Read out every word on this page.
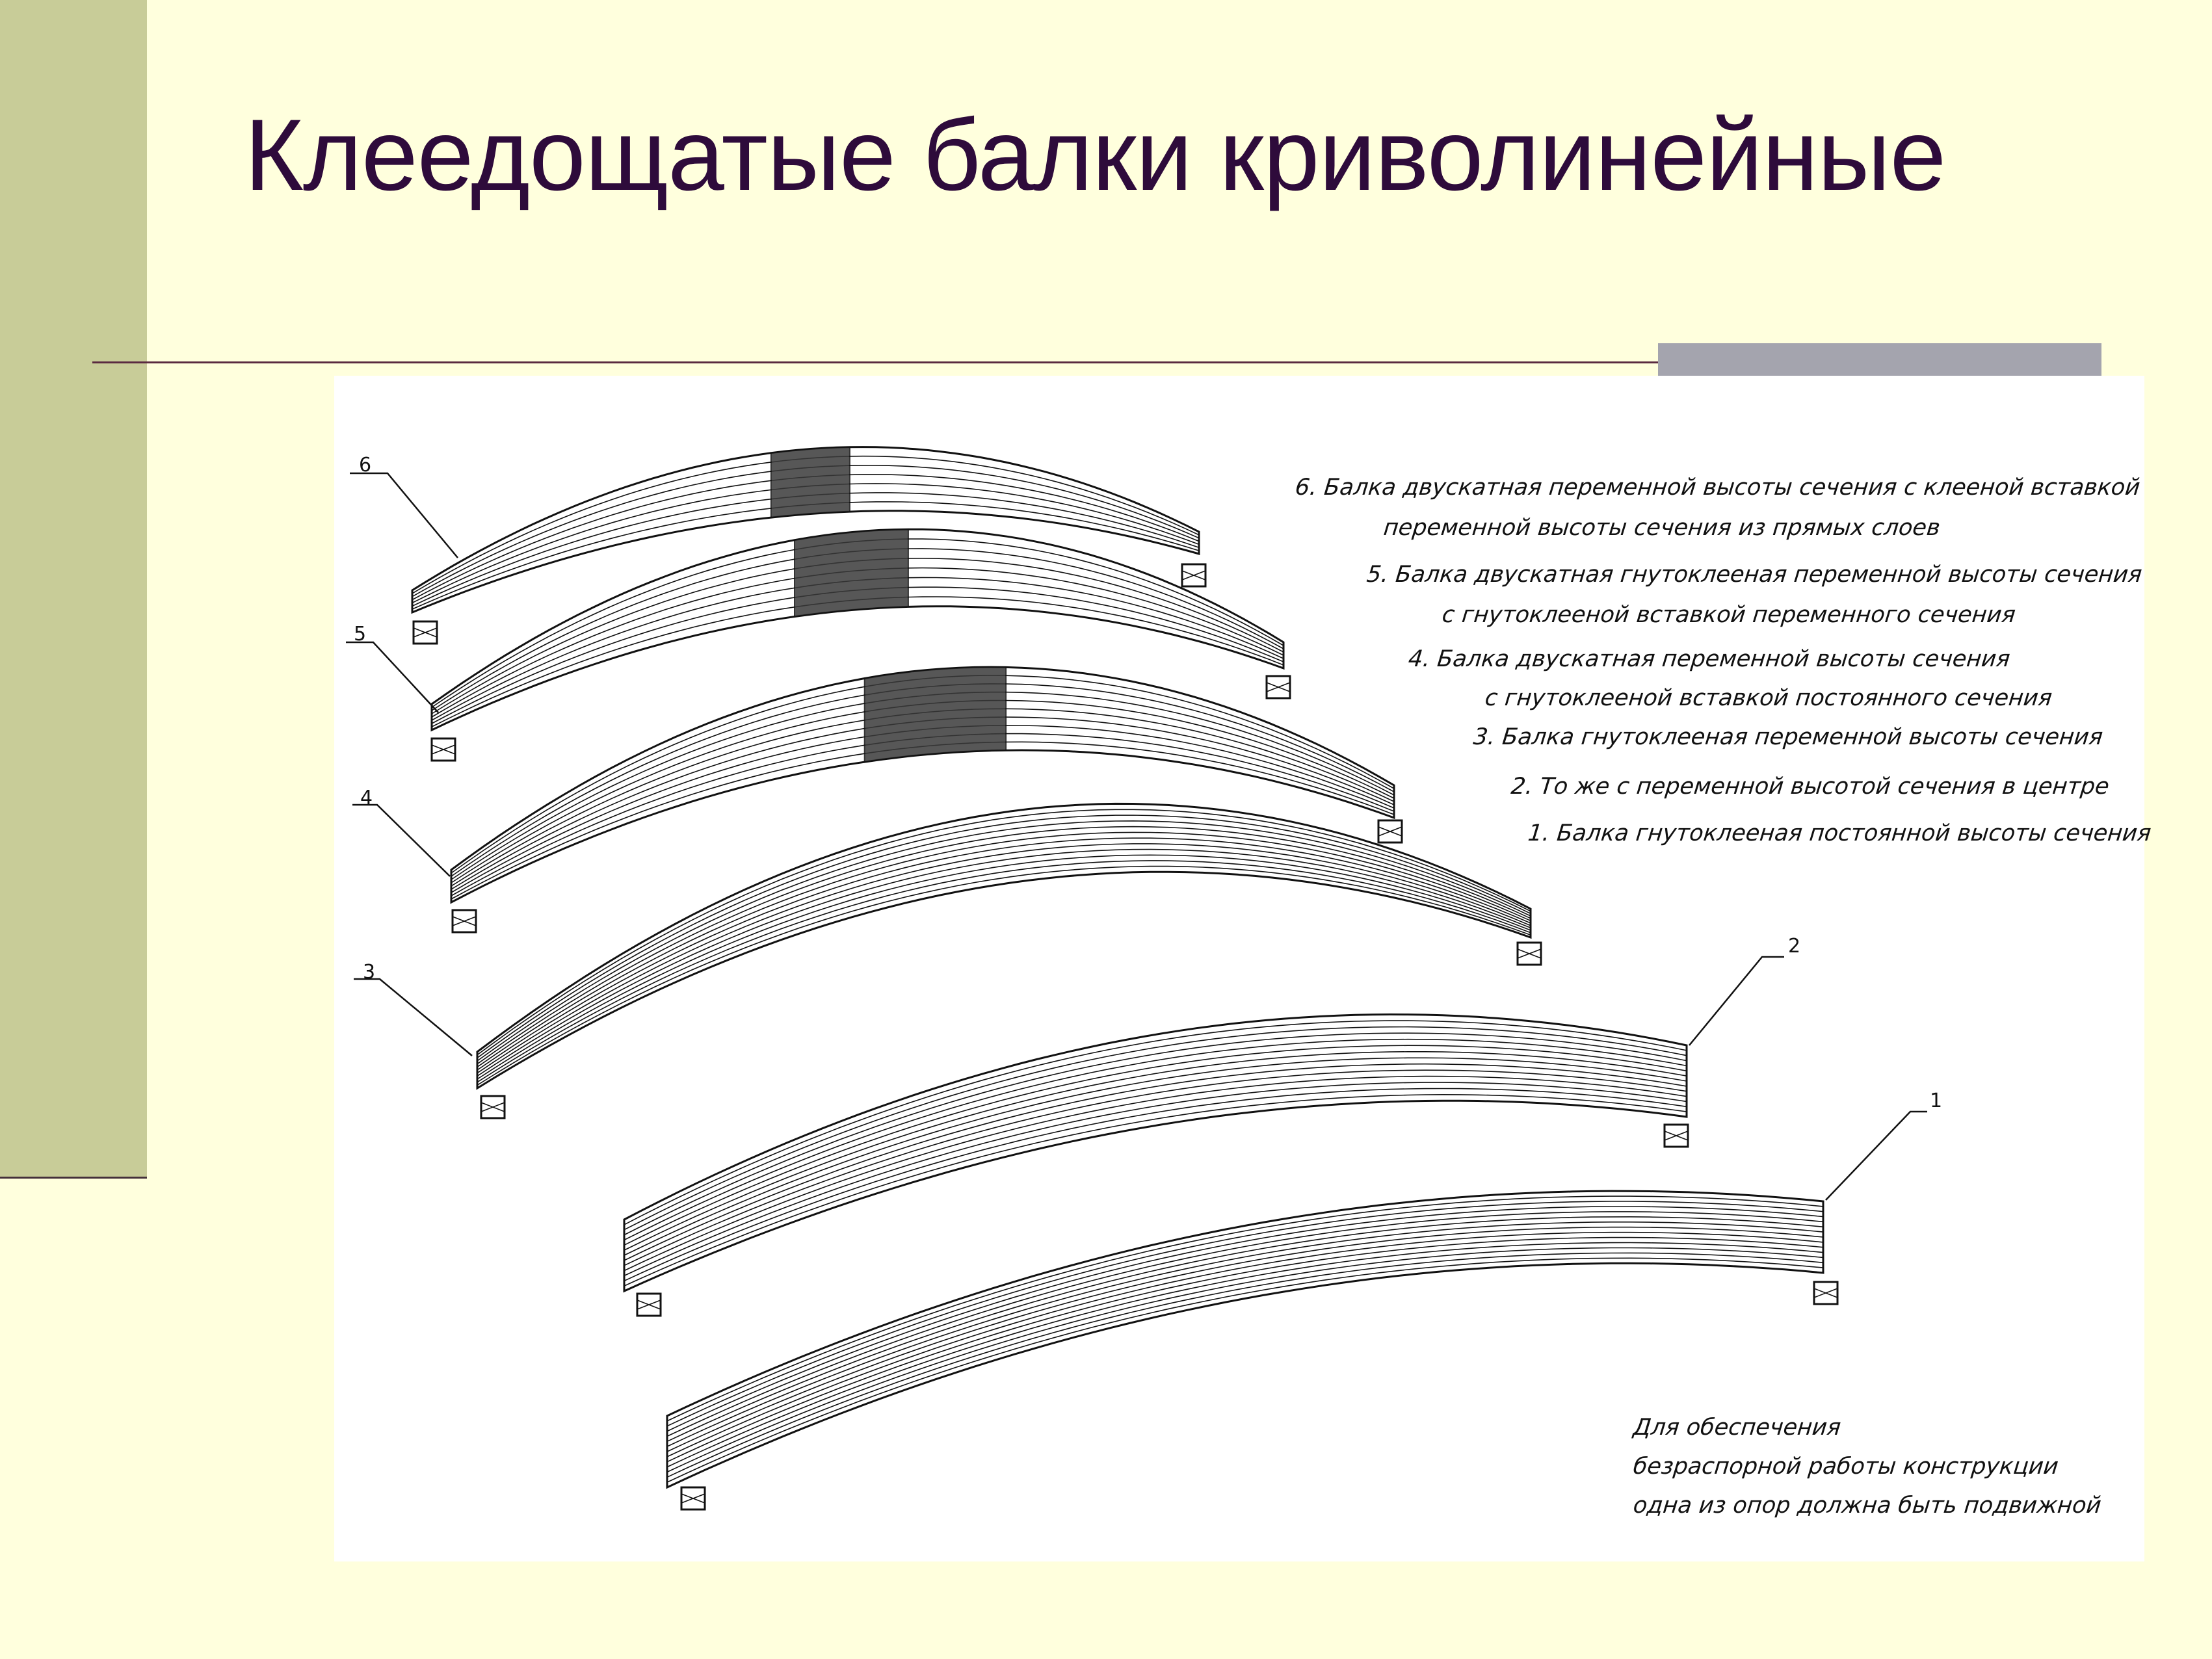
Клеедощатые балки криволинейные
6
5
4
3
2
1
6. Балка двускатная переменной высоты сечения с клееной вставкой
переменной высоты сечения из прямых слоев
5. Балка двускатная гнутоклееная переменной высоты сечения
с гнутоклееной вставкой переменного сечения
4. Балка двускатная переменной высоты сечения
с гнутоклееной вставкой постоянного сечения
3. Балка гнутоклееная переменной высоты сечения
2. То же с переменной высотой сечения в центре
1. Балка гнутоклееная постоянной высоты сечения
Для обеспечения
безраспорной работы конструкции
одна из опор должна быть подвижной
